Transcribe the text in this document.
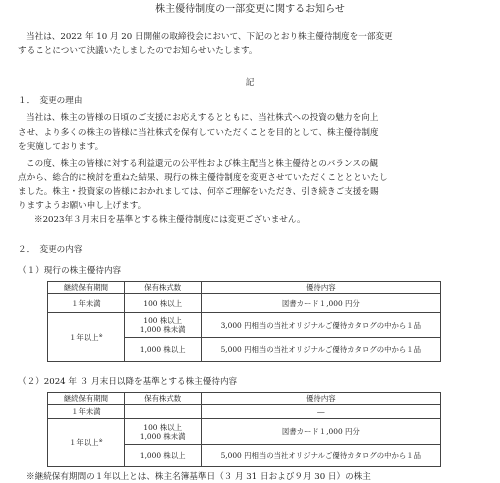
株主優待制度の一部変更に関するお知らせ
当社は、2022 年 10 月 20 日開催の取締役会において、下記のとおり株主優待制度を一部変更
することについて決議いたしましたのでお知らせいたします。
記
１．　変更の理由
当社は、株主の皆様の日頃のご支援にお応えするとともに、当社株式への投資の魅力を向上
させ、より多くの株主の皆様に当社株式を保有していただくことを目的として、株主優待制度
を実施しております。
この度、株主の皆様に対する利益還元の公平性および株主配当と株主優待とのバランスの観
点から、総合的に検討を重ねた結果、現行の株主優待制度を変更させていただくこととといたし
ました。株主・投資家の皆様におかれましては、何卒ご理解をいただき、引き続きご支援を賜
りますようお願い申し上げます。
※2023年３月末日を基準とする株主優待制度には変更ございません。
２．　変更の内容
（１）現行の株主優待内容
継続保有期間	保有株式数	優待内容
１年未満	100 株以上	図書カード１,000 円分
１年以上※	100 株以上
1,000 株未満	3,000 円相当の当社オリジナルご優待カタログの中から１品
	1,000 株以上	5,000 円相当の当社オリジナルご優待カタログの中から１品
（２）2024 年 ３ 月末日以降を基準とする株主優待内容
継続保有期間	保有株式数	優待内容
１年未満		―
１年以上※	100 株以上
1,000 株未満	図書カード１,000 円分
	1,000 株以上	5,000 円相当の当社オリジナルご優待カタログの中から１品
※継続保有期間の１年以上とは、株主名簿基準日（３ 月 31 日および９月 30 日）の株主
